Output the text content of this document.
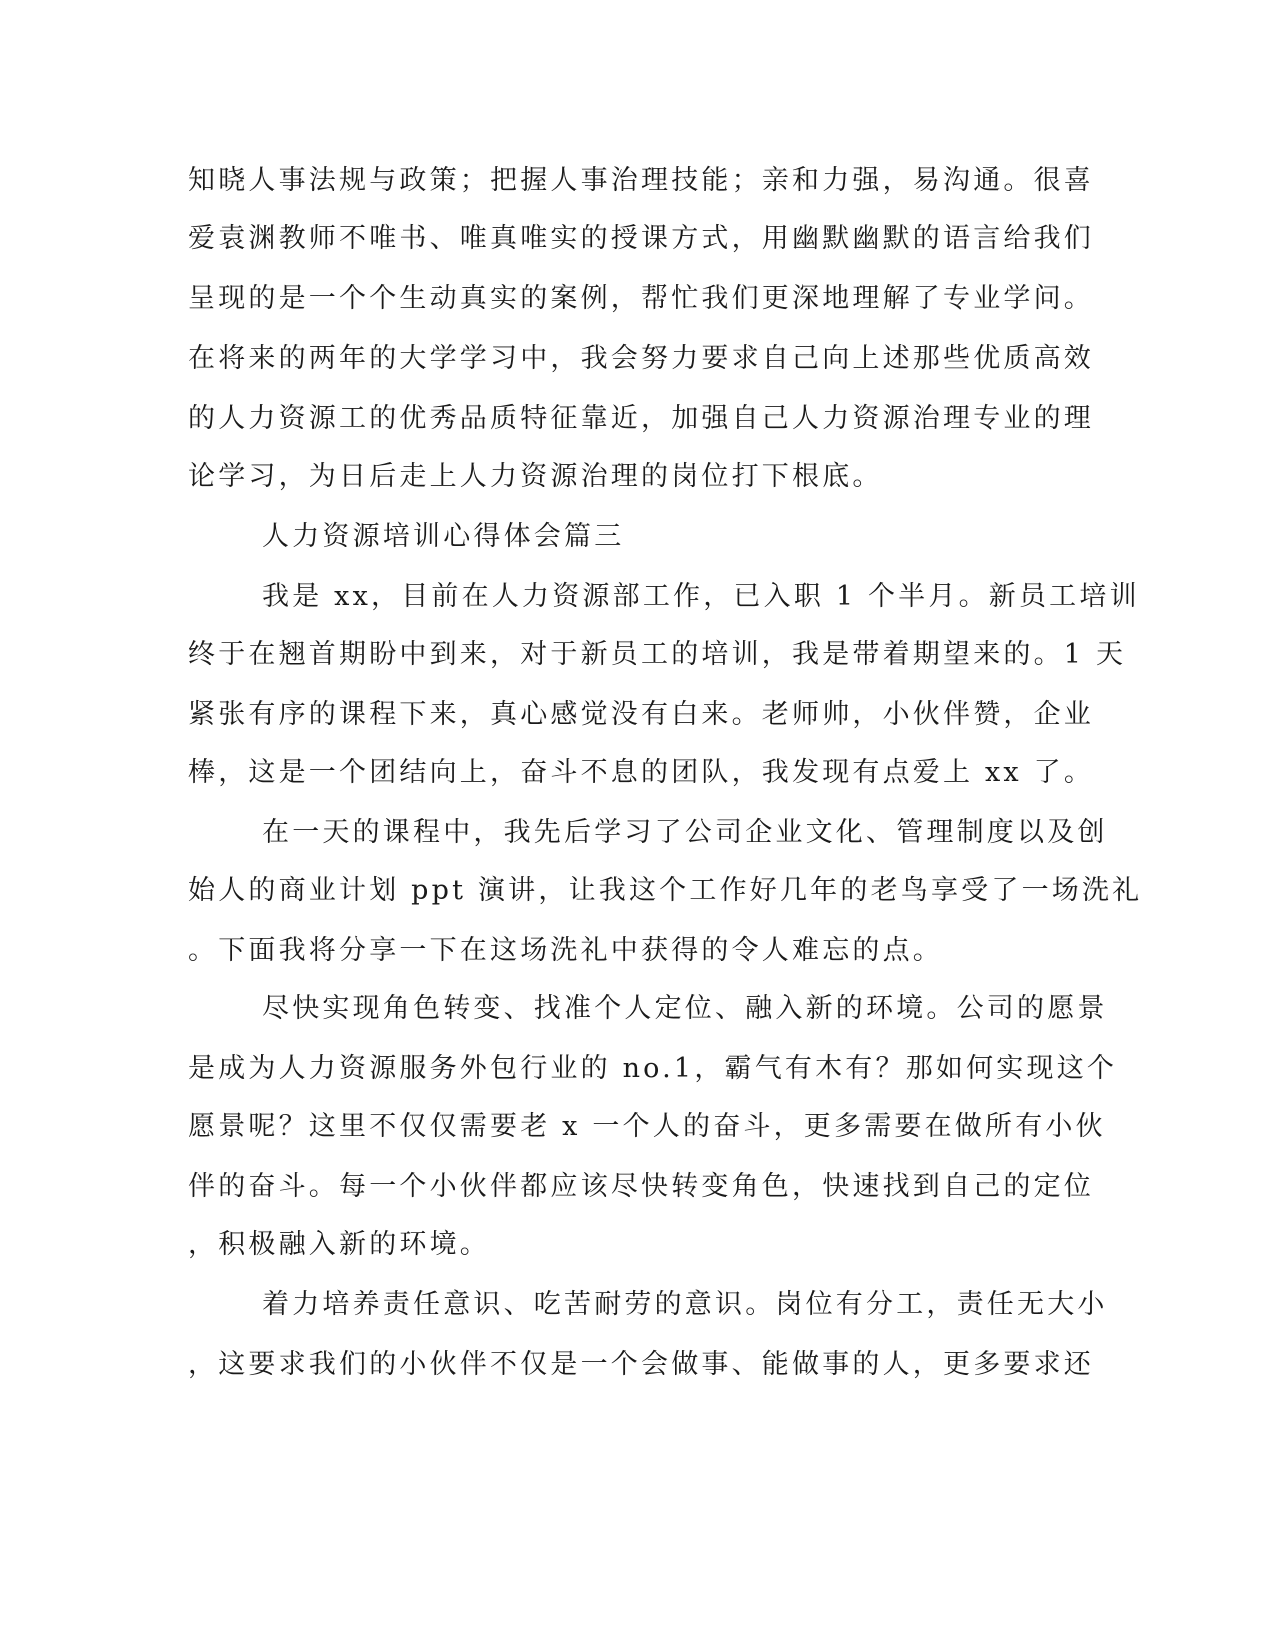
知晓人事法规与政策；把握人事治理技能；亲和力强，易沟通。很喜
爱袁渊教师不唯书、唯真唯实的授课方式，用幽默幽默的语言给我们
呈现的是一个个生动真实的案例，帮忙我们更深地理解了专业学问。
在将来的两年的大学学习中，我会努力要求自己向上述那些优质高效
的人力资源工的优秀品质特征靠近，加强自己人力资源治理专业的理
论学习，为日后走上人力资源治理的岗位打下根底。
人力资源培训心得体会篇三
我是 xx，目前在人力资源部工作，已入职 1 个半月。新员工培训
终于在翘首期盼中到来，对于新员工的培训，我是带着期望来的。1 天
紧张有序的课程下来，真心感觉没有白来。老师帅，小伙伴赞，企业
棒，这是一个团结向上，奋斗不息的团队，我发现有点爱上 xx 了。
在一天的课程中，我先后学习了公司企业文化、管理制度以及创
始人的商业计划 ppt 演讲，让我这个工作好几年的老鸟享受了一场洗礼
。下面我将分享一下在这场洗礼中获得的令人难忘的点。
尽快实现角色转变、找准个人定位、融入新的环境。公司的愿景
是成为人力资源服务外包行业的 no.1，霸气有木有？那如何实现这个
愿景呢？这里不仅仅需要老 x 一个人的奋斗，更多需要在做所有小伙
伴的奋斗。每一个小伙伴都应该尽快转变角色，快速找到自己的定位
，积极融入新的环境。
着力培养责任意识、吃苦耐劳的意识。岗位有分工，责任无大小
，这要求我们的小伙伴不仅是一个会做事、能做事的人，更多要求还
